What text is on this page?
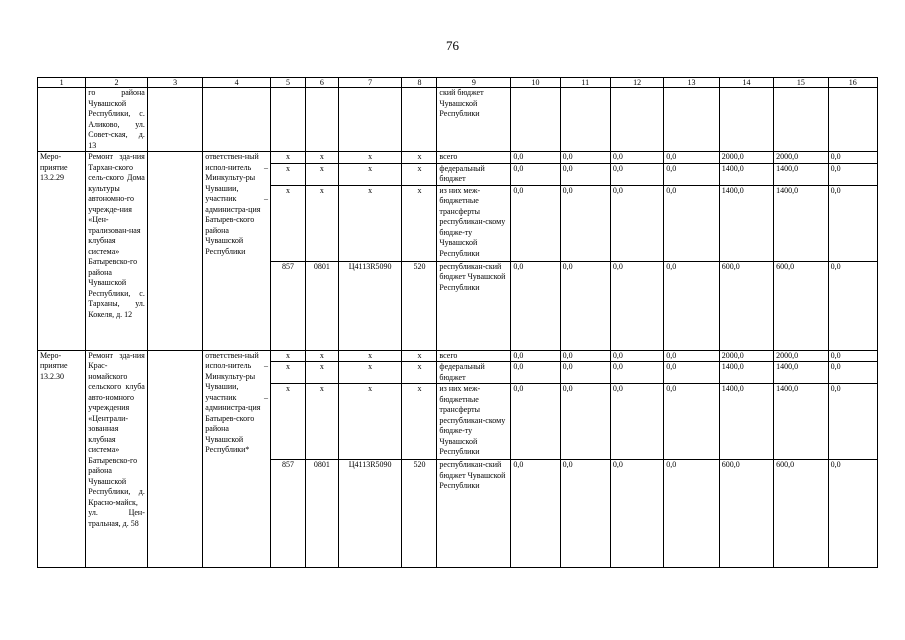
76
1	2	3	4	5	6	7	8	9	10	11	12	13	14	15	16
	го района Чувашской Республики, с. Аликово, ул. Совет-ская, д. 13							ский бюджет Чувашской Республики							
Меро-приятие 13.2.29	Ремонт зда-ния Тархан-ского сель-ского Дома культуры автономно-го учрежде-ния «Цен-трализован-ная клубная система» Батыревско-го района Чувашской Республики, с. Тарханы, ул. Кокеля, д. 12		ответствен-ный испол-нитель – Минкульту-ры Чувашии, участник – администра-ция Батырев-ского района Чувашской Республики	x	x	x	x	всего	0,0	0,0	0,0	0,0	2000,0	2000,0	0,0
				x	x	x	x	федеральный бюджет	0,0	0,0	0,0	0,0	1400,0	1400,0	0,0
				x	x	x	x	из них меж-бюджетные трансферты республикан-скому бюдже-ту Чувашской Республики	0,0	0,0	0,0	0,0	1400,0	1400,0	0,0
				857	0801	Ц4113R5090	520	республикан-ский бюджет Чувашской Республики	0,0	0,0	0,0	0,0	600,0	600,0	0,0
Меро-приятие 13.2.30	Ремонт зда-ния Крас-номайского сельского клуба авто-номного учреждения «Централи-зованная клубная система» Батыревско-го района Чувашской Республики, д. Красно-майск, ул. Цен-тральная, д. 58		ответствен-ный испол-нитель – Минкульту-ры Чувашии, участник – администра-ция Батырев-ского района Чувашской Республики*	x	x	x	x	всего	0,0	0,0	0,0	0,0	2000,0	2000,0	0,0
				x	x	x	x	федеральный бюджет	0,0	0,0	0,0	0,0	1400,0	1400,0	0,0
				x	x	x	x	из них меж-бюджетные трансферты республикан-скому бюдже-ту Чувашской Республики	0,0	0,0	0,0	0,0	1400,0	1400,0	0,0
				857	0801	Ц4113R5090	520	республикан-ский бюджет Чувашской Республики	0,0	0,0	0,0	0,0	600,0	600,0	0,0
